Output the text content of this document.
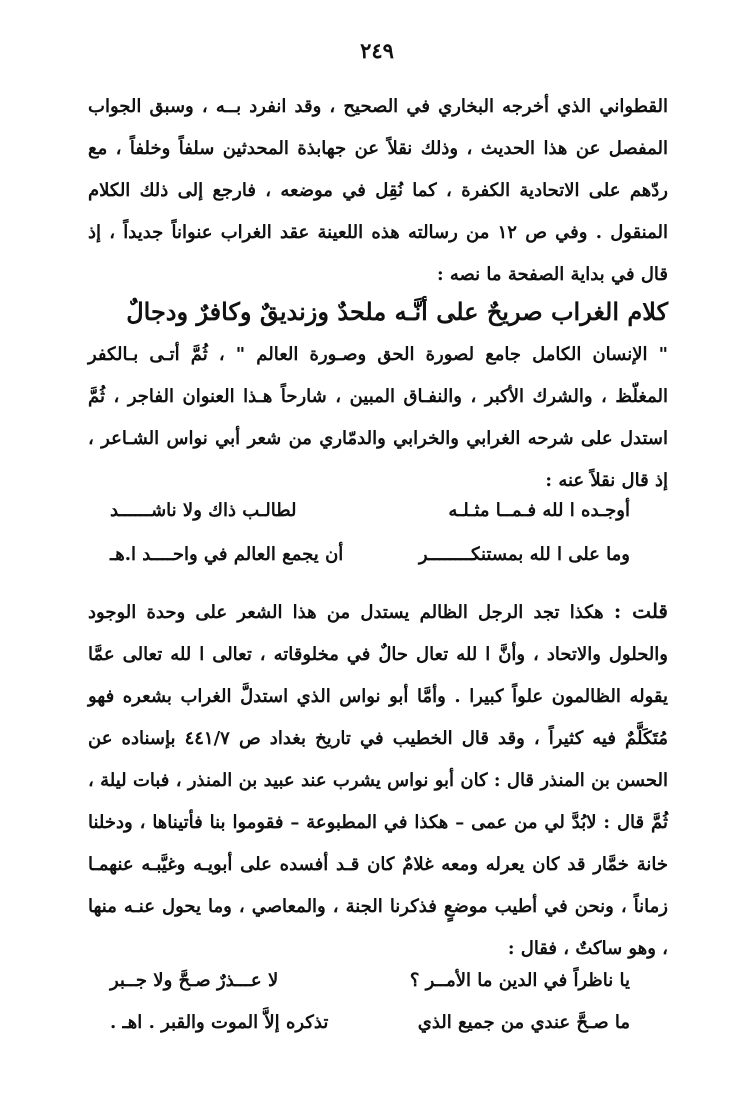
٢٤٩
القطواني الذي أخرجه البخاري في الصحيح ، وقد انفرد بــه ، وسبق الجواب المفصل عن هذا الحديث ، وذلك نقلاً عن جهابذة المحدثين سلفاً وخلفاً ، مع ردّهم على الاتحادية الكفرة ، كما نُقِل في موضعه ، فارجع إلى ذلك الكلام المنقول . وفي ص ١٢ من رسالته هذه اللعينة عقد الغراب عنواناً جديداً ، إذ قال في بداية الصفحة ما نصه :
كلام الغراب صريحٌ على أنَّـه ملحدٌ وزنديقٌ وكافرٌ ودجالٌ
" الإنسان الكامل جامع لصورة الحق وصـورة العالم " ، ثُمَّ أتـى بـالكفر المغلّظ ، والشرك الأكبر ، والنفـاق المبين ، شارحاً هـذا العنوان الفاجر ، ثُمَّ استدل على شرحه الغرابي والخرابي والدمّاري من شعر أبي نواس الشـاعر ، إذ قال نقلاً عنه :
أوجـده ا لله فـمــا مثـلـه
لطالـب ذاك ولا ناشــــــد
وما على ا لله بمستنكــــــــر
أن يجمع العالم في واحــــد ا.هـ
قلت : هكذا تجد الرجل الظالم يستدل من هذا الشعر على وحدة الوجود والحلول والاتحاد ، وأنَّ ا لله تعال حالٌ في مخلوقاته ، تعالى ا لله تعالى عمَّا يقوله الظالمون علواً كبيرا . وأمَّا أبو نواس الذي استدلَّ الغراب بشعره فهو مُتَكَلَّمٌ فيه كثيراً ، وقد قال الخطيب في تاريخ بغداد ص ٤٤١/٧ بإسناده عن الحسن بن المنذر قال : كان أبو نواس يشرب عند عبيد بن المنذر ، فبات ليلة ، ثُمَّ قال : لابُدَّ لي من عمى – هكذا في المطبوعة – فقوموا بنا فأتيناها ، ودخلنا خانة خمَّار قد كان يعرله ومعه غلامٌ كان قـد أفسده على أبويـه وغيَّبـه عنهمـا زماناً ، ونحن في أطيب موضعٍ فذكرنا الجنة ، والمعاصي ، وما يحول عنـه منها ، وهو ساكتٌ ، فقال :
يا ناظراً في الدين ما الأمــر ؟
لا عـــذرٌ صـحَّ ولا جــبر
ما صـحَّ عندي من جميع الذي
تذكره إلاَّ الموت والقبر . اهـ .
